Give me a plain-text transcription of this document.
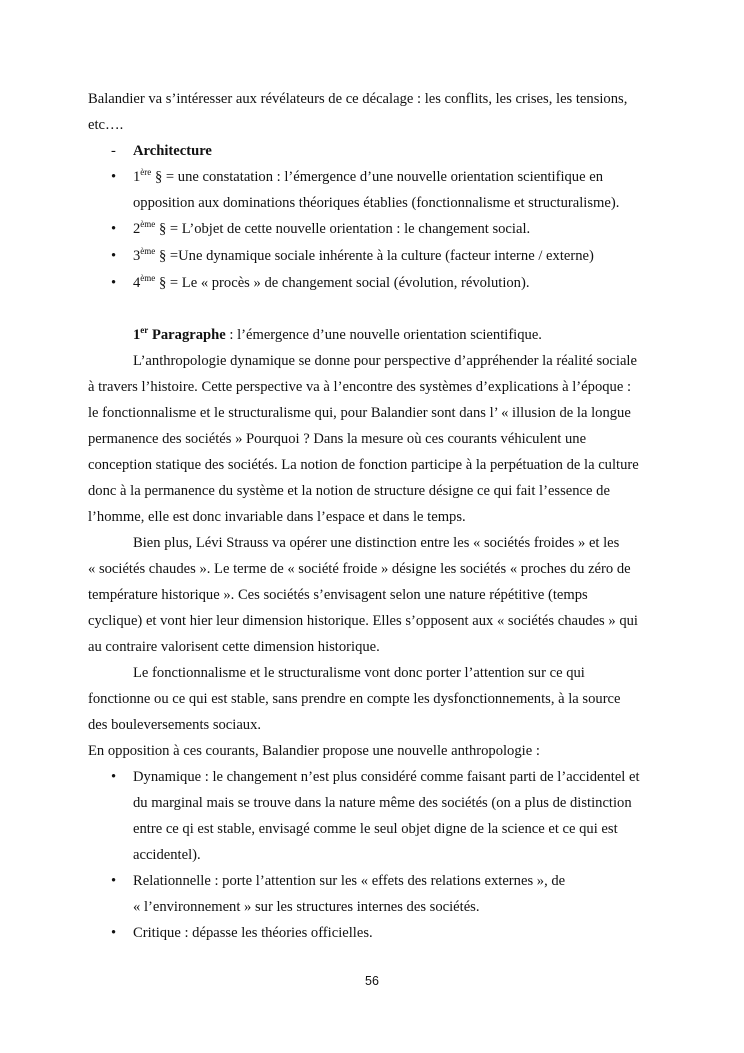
Balandier va s’intéresser aux révélateurs de ce décalage : les conflits, les crises, les tensions,
etc….
- Architecture
• 1ère § = une constatation : l’émergence d’une nouvelle orientation scientifique en
opposition aux dominations théoriques établies (fonctionnalisme et structuralisme).
• 2ème § = L’objet de cette nouvelle orientation : le changement social.
• 3ème § =Une dynamique sociale inhérente à la culture (facteur interne / externe)
• 4ème § = Le « procès » de changement social (évolution, révolution).
1er Paragraphe : l’émergence d’une nouvelle orientation scientifique.
L’anthropologie dynamique se donne pour perspective d’appréhender la réalité sociale
à travers l’histoire. Cette perspective va à l’encontre des systèmes d’explications à l’époque :
le fonctionnalisme et le structuralisme qui, pour Balandier sont dans l’ « illusion de la longue
permanence des sociétés » Pourquoi ? Dans la mesure où ces courants véhiculent une
conception statique des sociétés. La notion de fonction participe à la perpétuation de la culture
donc à la permanence du système et la notion de structure désigne ce qui fait l’essence de
l’homme, elle est donc invariable dans l’espace et dans le temps.
Bien plus, Lévi Strauss va opérer une distinction entre les « sociétés froides » et les
« sociétés chaudes ». Le terme de « société froide » désigne les sociétés « proches du zéro de
température historique ». Ces sociétés s’envisagent selon une nature répétitive (temps
cyclique) et vont hier leur dimension historique. Elles s’opposent aux « sociétés chaudes » qui
au contraire valorisent cette dimension historique.
Le fonctionnalisme et le structuralisme vont donc porter l’attention sur ce qui
fonctionne ou ce qui est stable, sans prendre en compte les dysfonctionnements, à la source
des bouleversements sociaux.
En opposition à ces courants, Balandier propose une nouvelle anthropologie :
• Dynamique : le changement n’est plus considéré comme faisant parti de l’accidentel et
du marginal mais se trouve dans la nature même des sociétés (on a plus de distinction
entre ce qi est stable, envisagé comme le seul objet digne de la science et ce qui est
accidentel).
• Relationnelle : porte l’attention sur les « effets des relations externes », de
« l’environnement » sur les structures internes des sociétés.
• Critique : dépasse les théories officielles.
56
